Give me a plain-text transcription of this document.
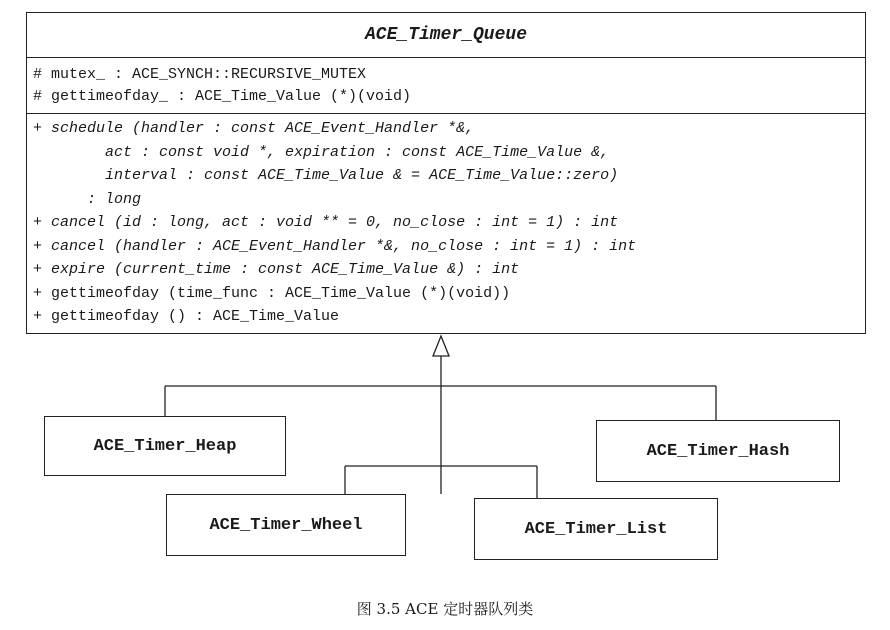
ACE_Timer_Queue
# mutex_ : ACE_SYNCH::RECURSIVE_MUTEX
# gettimeofday_ : ACE_Time_Value (*)(void)
+ schedule (handler : const ACE_Event_Handler *&,
act : const void *, expiration : const ACE_Time_Value &,
interval : const ACE_Time_Value & = ACE_Time_Value::zero)
: long
+ cancel (id : long, act : void ** = 0, no_close : int = 1) : int
+ cancel (handler : ACE_Event_Handler *&, no_close : int = 1) : int
+ expire (current_time : const ACE_Time_Value &) : int
+ gettimeofday (time_func : ACE_Time_Value (*)(void))
+ gettimeofday () : ACE_Time_Value
ACE_Timer_Heap	ACE_Timer_Hash
ACE_Timer_Wheel	ACE_Timer_List
图 3.5 ACE 定时器队列类
